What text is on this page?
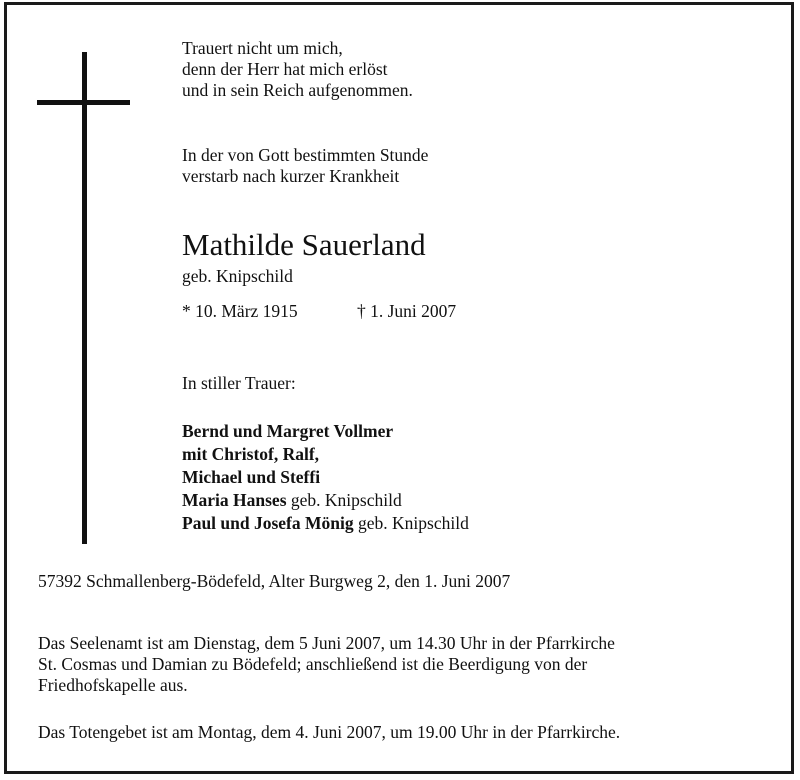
Trauert nicht um mich,
denn der Herr hat mich erlöst
und in sein Reich aufgenommen.
In der von Gott bestimmten Stunde
verstarb nach kurzer Krankheit
Mathilde Sauerland
geb. Knipschild
* 10. März 1915	† 1. Juni 2007
In stiller Trauer:
Bernd und Margret Vollmer
mit Christof, Ralf,
Michael und Steffi
Maria Hanses geb. Knipschild
Paul und Josefa Mönig geb. Knipschild
57392 Schmallenberg-Bödefeld, Alter Burgweg 2, den 1. Juni 2007
Das Seelenamt ist am Dienstag, dem 5 Juni 2007, um 14.30 Uhr in der Pfarrkirche
St. Cosmas und Damian zu Bödefeld; anschließend ist die Beerdigung von der
Friedhofskapelle aus.
Das Totengebet ist am Montag, dem 4. Juni 2007, um 19.00 Uhr in der Pfarrkirche.
